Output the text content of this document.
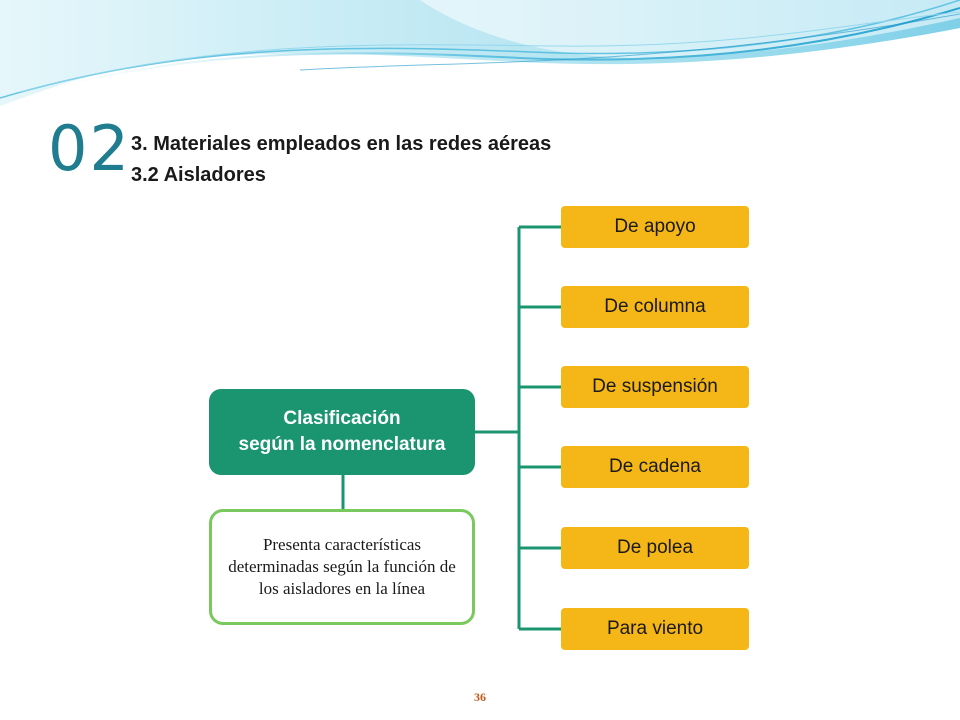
02 3. Materiales empleados en las redes aéreas
3.2 Aisladores
Clasificación
según la nomenclatura
Presenta características determinadas según la función de los aisladores en la línea
De apoyo
De columna
De suspensión
De cadena
De polea
Para viento
36
